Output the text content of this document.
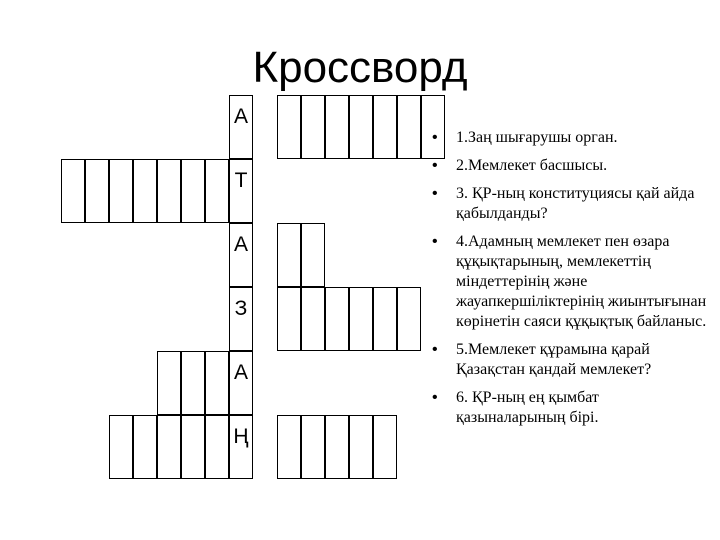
Кроссворд
А
Т
А
З
А
Ң
• 1.Заң шығарушы орган.
• 2.Мемлекет басшысы.
• 3. ҚР-ның конституциясы қай айда қабылданды?
• 4.Адамның мемлекет пен өзара құқықтарының, мемлекеттің міндеттерінің және жауапкершіліктерінің жиынтығынан көрінетін саяси құқықтық байланыс.
• 5.Мемлекет құрамына қарай Қазақстан қандай мемлекет?
• 6. ҚР-ның ең қымбат қазыналарының бірі.
